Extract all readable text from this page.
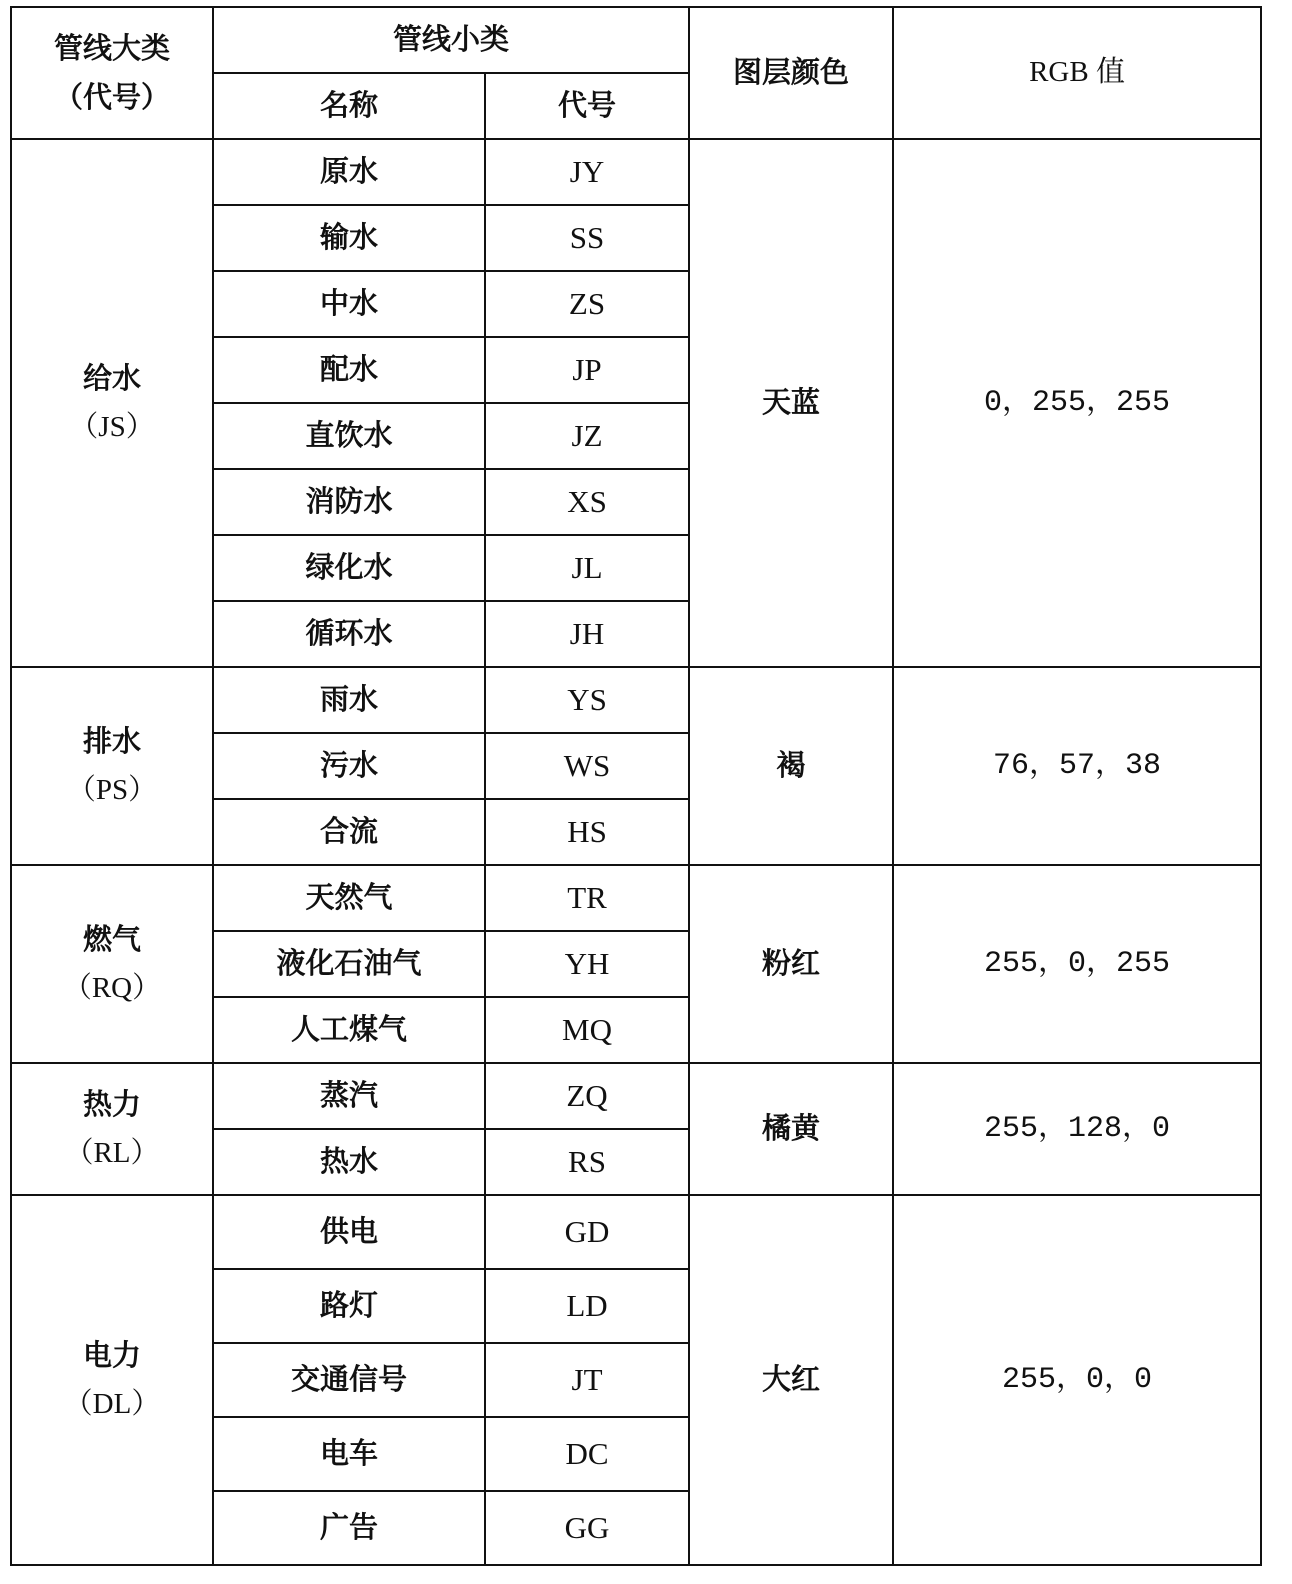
管线大类
（代号）	管线小类		图层颜色	RGB 值
	名称	代号		

给水
（JS）	原水	JY	天蓝	0，255，255
	输水	SS		
	中水	ZS		
	配水	JP		
	直饮水	JZ		
	消防水	XS		
	绿化水	JL		
	循环水	JH		

排水
（PS）	雨水	YS	褐	76，57，38
	污水	WS		
	合流	HS		

燃气
（RQ）	天然气	TR	粉红	255，0，255
	液化石油气	YH		
	人工煤气	MQ		

热力
（RL）	蒸汽	ZQ	橘黄	255，128，0
	热水	RS		

电力
（DL）	供电	GD	大红	255，0，0
	路灯	LD		
	交通信号	JT		
	电车	DC		
	广告	GG		
